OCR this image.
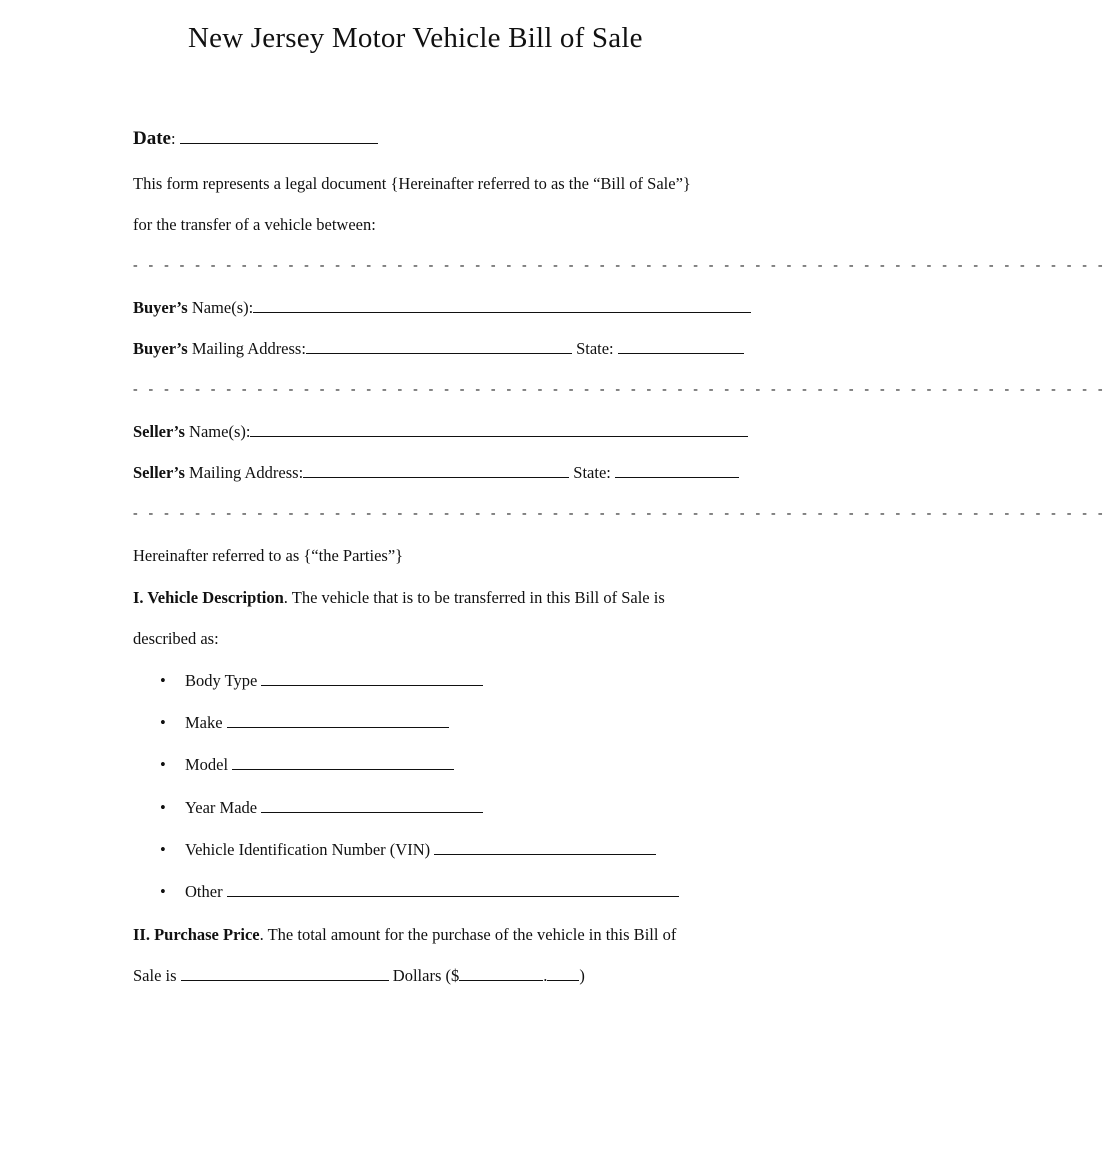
New Jersey Motor Vehicle Bill of Sale
Date:
This form represents a legal document {Hereinafter referred to as the “Bill of Sale”}
for the transfer of a vehicle between:
- - - - - - - - - - - - - - - - - - - - - - - - - - - - - - - - - - - - - - - - - - - - - - - - - - - - - - - - - - - - - - -
Buyer’s Name(s):
Buyer’s Mailing Address:	State:
- - - - - - - - - - - - - - - - - - - - - - - - - - - - - - - - - - - - - - - - - - - - - - - - - - - - - - - - - - - - - - -
Seller’s Name(s):
Seller’s Mailing Address:	State:
- - - - - - - - - - - - - - - - - - - - - - - - - - - - - - - - - - - - - - - - - - - - - - - - - - - - - - - - - - - - - - -
Hereinafter referred to as {“the Parties”}
I. Vehicle Description. The vehicle that is to be transferred in this Bill of Sale is
described as:
• Body Type
• Make
• Model
• Year Made
• Vehicle Identification Number (VIN)
• Other
II. Purchase Price. The total amount for the purchase of the vehicle in this Bill of
Sale is	Dollars ($	. )
